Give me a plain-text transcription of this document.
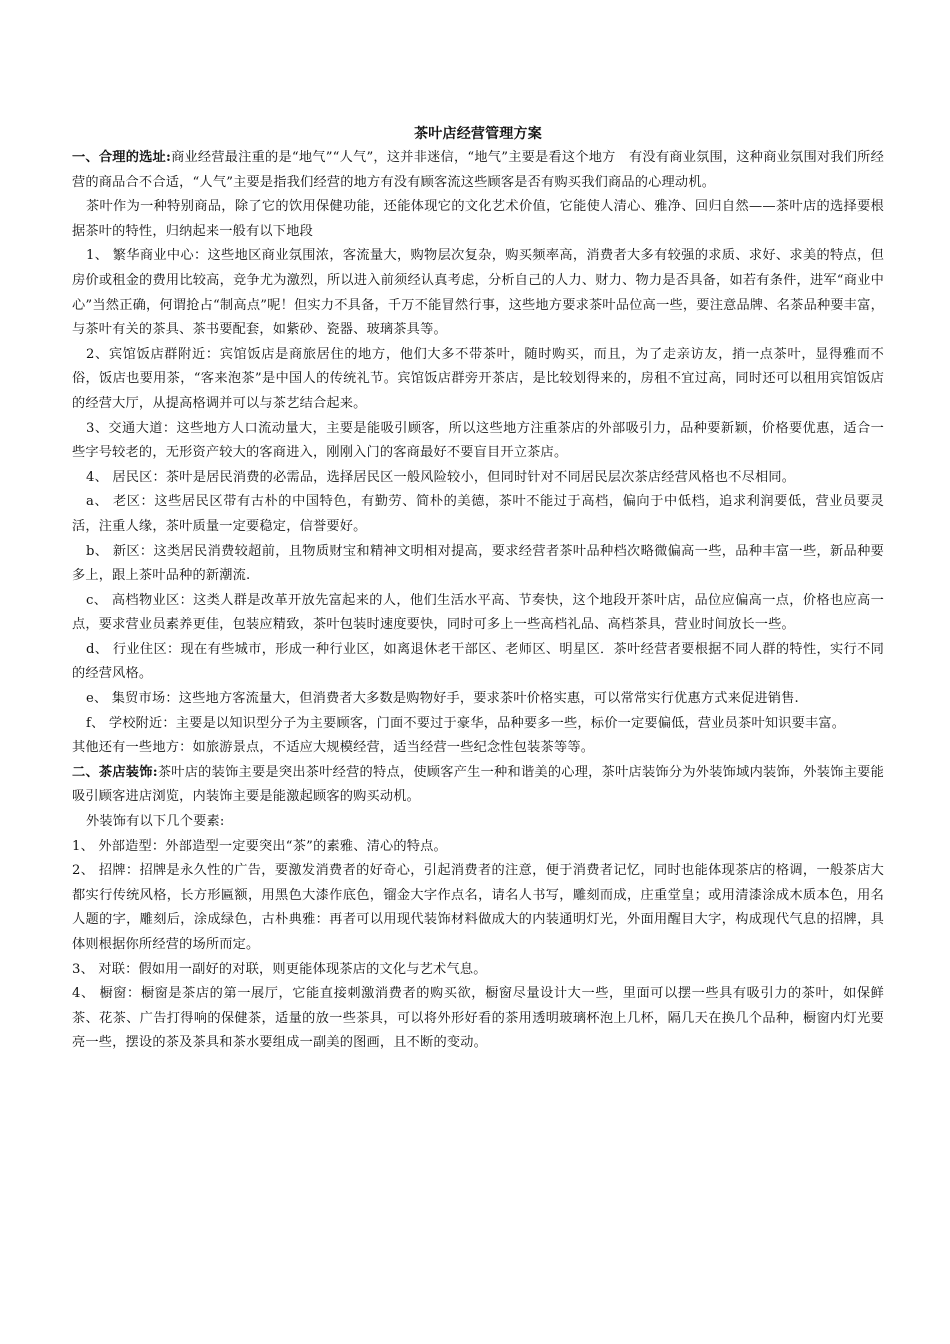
茶叶店经营管理方案

一、合理的选址:商业经营最注重的是“地气”“人气”，这并非迷信，“地气”主要是看这个地方　有没有商业氛围，这种商业氛围对我们所经营的商品合不合适，“人气”主要是指我们经营的地方有没有顾客流这些顾客是否有购买我们商品的心理动机。

茶叶作为一种特别商品，除了它的饮用保健功能，还能体现它的文化艺术价值，它能使人清心、雅净、回归自然——茶叶店的选择要根据茶叶的特性，归纳起来一般有以下地段

1、 繁华商业中心：这些地区商业氛围浓，客流量大，购物层次复杂，购买频率高，消费者大多有较强的求质、求好、求美的特点，但房价或租金的费用比较高，竞争尤为激烈，所以进入前须经认真考虑，分析自己的人力、财力、物力是否具备，如若有条件，进军“商业中心”当然正确，何谓抢占“制高点”呢！但实力不具备，千万不能冒然行事，这些地方要求茶叶品位高一些，要注意品牌、名茶品种要丰富，与茶叶有关的茶具、茶书要配套，如紫砂、瓷器、玻璃茶具等。

2、宾馆饭店群附近：宾馆饭店是商旅居住的地方，他们大多不带茶叶，随时购买，而且，为了走亲访友，捎一点茶叶，显得雅而不俗，饭店也要用茶，“客来泡茶”是中国人的传统礼节。宾馆饭店群旁开茶店，是比较划得来的，房租不宜过高，同时还可以租用宾馆饭店的经营大厅，从提高格调并可以与茶艺结合起来。

3、交通大道：这些地方人口流动量大，主要是能吸引顾客，所以这些地方注重茶店的外部吸引力，品种要新颖，价格要优惠，适合一些字号较老的，无形资产较大的客商进入，刚刚入门的客商最好不要盲目开立茶店。

4、 居民区：茶叶是居民消费的必需品，选择居民区一般风险较小，但同时针对不同居民层次茶店经营风格也不尽相同。

a、 老区：这些居民区带有古朴的中国特色，有勤劳、简朴的美德，茶叶不能过于高档，偏向于中低档，追求利润要低，营业员要灵活，注重人缘，茶叶质量一定要稳定，信誉要好。

b、 新区：这类居民消费较超前，且物质财宝和精神文明相对提高，要求经营者茶叶品种档次略微偏高一些，品种丰富一些，新品种要多上，跟上茶叶品种的新潮流.

c、 高档物业区：这类人群是改革开放先富起来的人，他们生活水平高、节奏快，这个地段开茶叶店，品位应偏高一点，价格也应高一点，要求营业员素养更佳，包装应精致，茶叶包装时速度要快，同时可多上一些高档礼品、高档茶具，营业时间放长一些。

d、 行业住区：现在有些城市，形成一种行业区，如离退休老干部区、老师区、明星区．茶叶经营者要根据不同人群的特性，实行不同的经营风格。

e、 集贸市场：这些地方客流量大，但消费者大多数是购物好手，要求茶叶价格实惠，可以常常实行优惠方式来促进销售.

f、 学校附近：主要是以知识型分子为主要顾客，门面不要过于豪华，品种要多一些，标价一定要偏低，营业员茶叶知识要丰富。

其他还有一些地方：如旅游景点，不适应大规模经营，适当经营一些纪念性包装茶等等。

二、茶店装饰:茶叶店的装饰主要是突出茶叶经营的特点，使顾客产生一种和谐美的心理，茶叶店装饰分为外装饰域内装饰，外装饰主要能吸引顾客进店浏览，内装饰主要是能激起顾客的购买动机。

外装饰有以下几个要素:

1、 外部造型：外部造型一定要突出“茶”的素雅、清心的特点。

2、 招牌：招牌是永久性的广告，要激发消费者的好奇心，引起消费者的注意，便于消费者记忆，同时也能体现茶店的格调，一般茶店大都实行传统风格，长方形匾额，用黑色大漆作底色，镏金大字作点名，请名人书写，雕刻而成，庄重堂皇；或用清漆涂成木质本色，用名人题的字，雕刻后，涂成绿色，古朴典雅：再者可以用现代装饰材料做成大的内装通明灯光，外面用醒目大字，构成现代气息的招牌，具体则根据你所经营的场所而定。

3、 对联：假如用一副好的对联，则更能体现茶店的文化与艺术气息。

4、 橱窗：橱窗是茶店的第一展厅，它能直接刺激消费者的购买欲，橱窗尽量设计大一些，里面可以摆一些具有吸引力的茶叶，如保鲜茶、花茶、广告打得响的保健茶，适量的放一些茶具，可以将外形好看的茶用透明玻璃杯泡上几杯，隔几天在换几个品种，橱窗内灯光要亮一些，摆设的茶及茶具和茶水要组成一副美的图画，且不断的变动。
